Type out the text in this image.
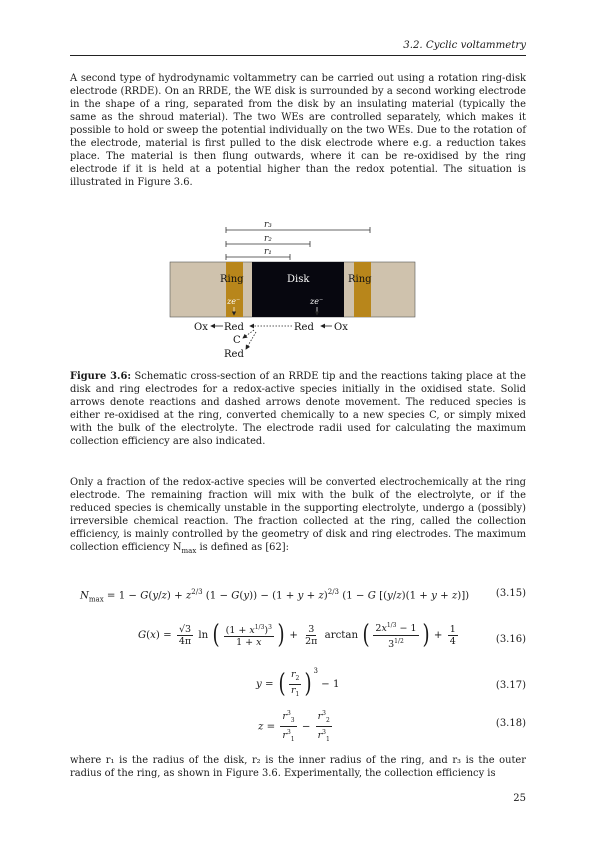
3.2. Cyclic voltammetry

A second type of hydrodynamic voltammetry can be carried out using a rotation ring-disk electrode (RRDE). On an RRDE, the WE disk is surrounded by a second working electrode in the shape of a ring, separated from the disk by an insulating material (typically the same as the shroud material). The two WEs are controlled separately, which makes it possible to hold or sweep the potential individually on the two WEs. Due to the rotation of the electrode, material is first pulled to the disk electrode where e.g. a reduction takes place. The material is then flung outwards, where it can be re-oxidised by the ring electrode if it is held at a potential higher than the redox potential. The situation is illustrated in Figure 3.6.

r₃
r₂
r₁
Ring	Disk	Ring
ze⁻	ze⁻
Ox Red	Red Ox
C
Red

Figure 3.6: Schematic cross-section of an RRDE tip and the reactions taking place at the disk and ring electrodes for a redox-active species initially in the oxidised state. Solid arrows denote reactions and dashed arrows denote movement. The reduced species is either re-oxidised at the ring, converted chemically to a new species C, or simply mixed with the bulk of the electrolyte. The electrode radii used for calculating the maximum collection efficiency are also indicated.

Only a fraction of the redox-active species will be converted electrochemically at the ring electrode. The remaining fraction will mix with the bulk of the electrolyte, or if the reduced species is chemically unstable in the supporting electrolyte, undergo a (possibly) irreversible chemical reaction. The fraction collected at the ring, called the collection efficiency, is mainly controlled by the geometry of disk and ring electrodes. The maximum collection efficiency $N_{max}$ is defined as [62]:

$N_{max} = 1 - G(y/z) + z^{2/3}$ $(1 - G(y)) - (1 + y + z)^{2/3}$ (1 − G [(y/z)(1 + y + z)])	(3.15)
$G(x) = \frac{√3}{4\pi}$ ln ( $\frac{(1 + x^{1/3})^3}{1 + x}$ ) + $\frac{3}{2\pi}$ arctan ( $\frac{2x^{1/3} - 1}{3^{1/2}}$ ) + $\frac{1}{4}$	(3.16)
y = ( $\frac{r_2}{r_1}$ ) $^3$ − 1	(3.17)
$z = \frac{r^3_3}{r^3_1} - \frac{r^3_2}{r^3_1}$	(3.18)

where r₁ is the radius of the disk, r₂ is the inner radius of the ring, and r₃ is the outer radius of the ring, as shown in Figure 3.6. Experimentally, the collection efficiency is

25
